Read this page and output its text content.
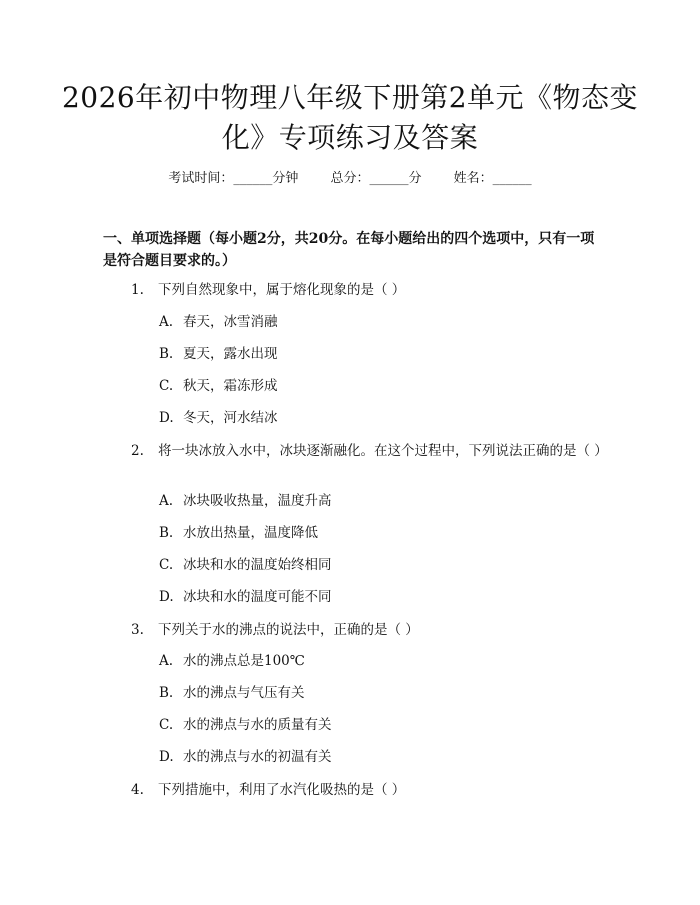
2026年初中物理八年级下册第2单元《物态变化》专项练习及答案
考试时间：______分钟 总分：______分 姓名：______
一、单项选择题（每小题2分，共20分。在每小题给出的四个选项中，只有一项是符合题目要求的。）
1.	下列自然现象中，属于熔化现象的是（ ）
A. 春天，冰雪消融
B. 夏天，露水出现
C. 秋天，霜冻形成
D. 冬天，河水结冰
2.	将一块冰放入水中，冰块逐渐融化。在这个过程中，下列说法正确的是（ ）
A. 冰块吸收热量，温度升高
B. 水放出热量，温度降低
C. 冰块和水的温度始终相同
D. 冰块和水的温度可能不同
3.	下列关于水的沸点的说法中，正确的是（ ）
A. 水的沸点总是100℃
B. 水的沸点与气压有关
C. 水的沸点与水的质量有关
D. 水的沸点与水的初温有关
4.	下列措施中，利用了水汽化吸热的是（ ）
